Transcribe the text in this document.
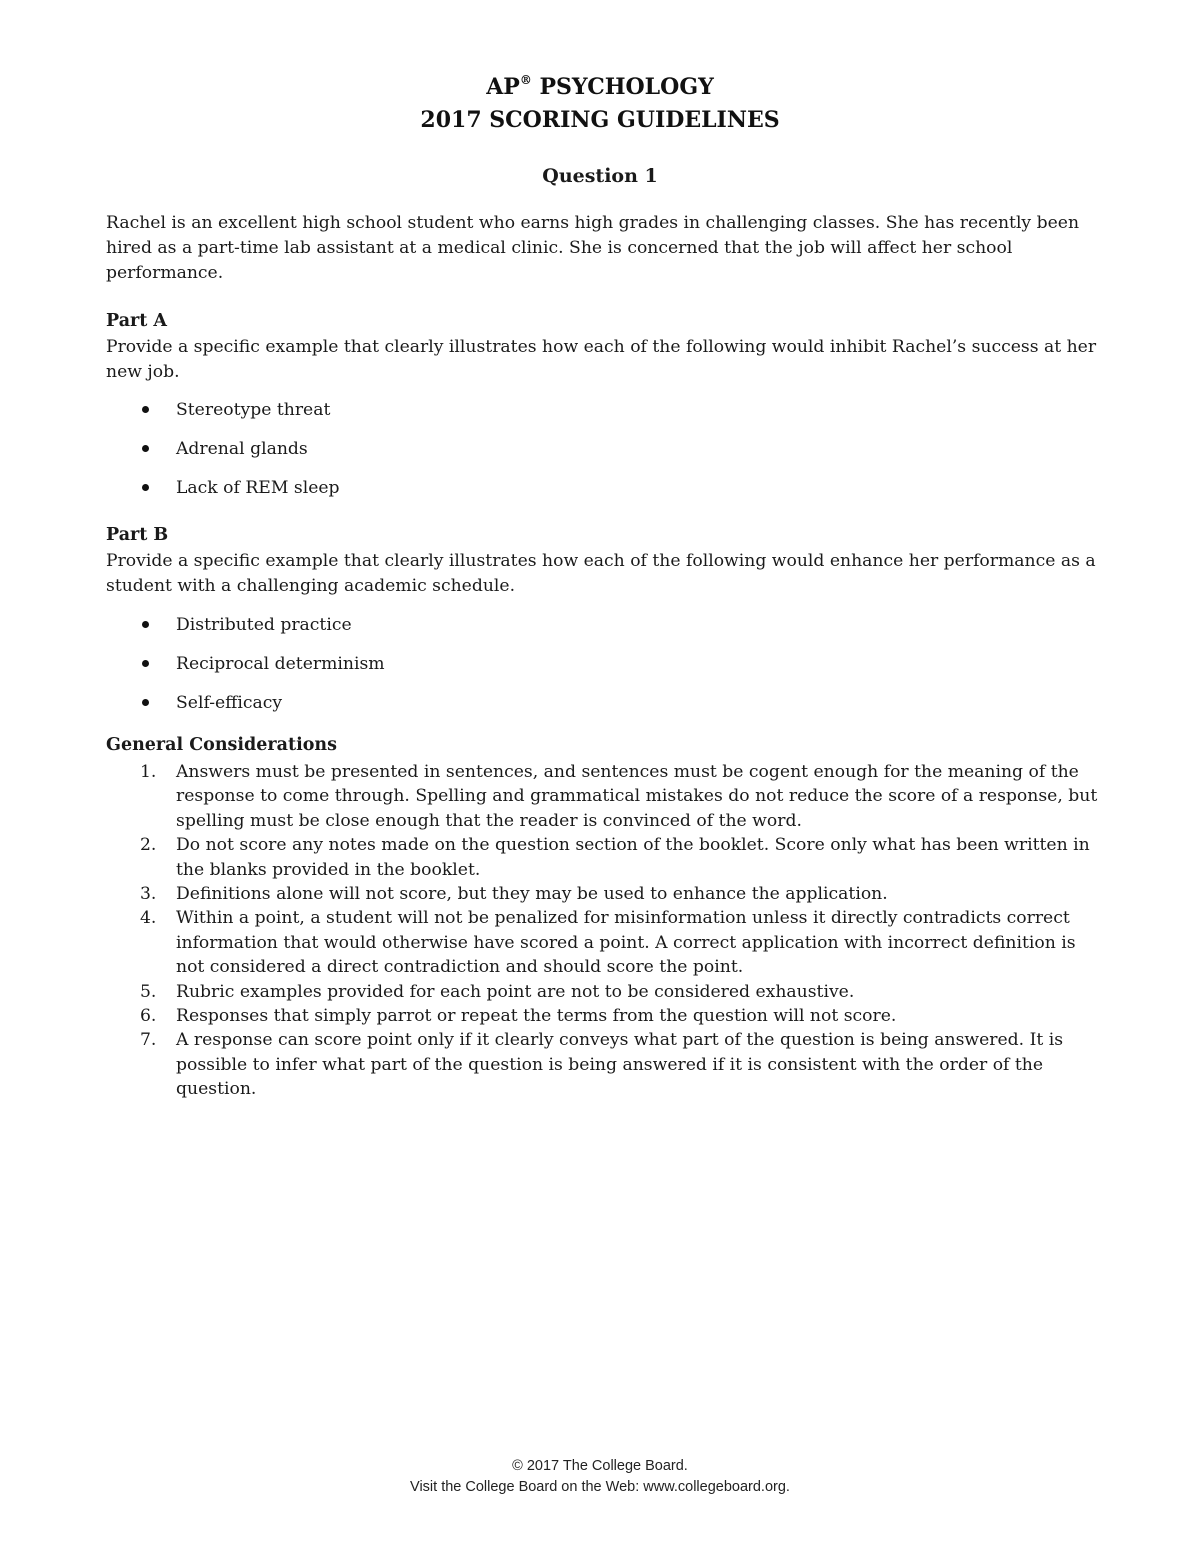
AP® PSYCHOLOGY
2017 SCORING GUIDELINES
Question 1
Rachel is an excellent high school student who earns high grades in challenging classes. She has recently been hired as a part-time lab assistant at a medical clinic. She is concerned that the job will affect her school performance.
Part A
Provide a specific example that clearly illustrates how each of the following would inhibit Rachel’s success at her new job.
Stereotype threat
Adrenal glands
Lack of REM sleep
Part B
Provide a specific example that clearly illustrates how each of the following would enhance her performance as a student with a challenging academic schedule.
Distributed practice
Reciprocal determinism
Self-efficacy
General Considerations
1. Answers must be presented in sentences, and sentences must be cogent enough for the meaning of the response to come through. Spelling and grammatical mistakes do not reduce the score of a response, but spelling must be close enough that the reader is convinced of the word.
2. Do not score any notes made on the question section of the booklet. Score only what has been written in the blanks provided in the booklet.
3. Definitions alone will not score, but they may be used to enhance the application.
4. Within a point, a student will not be penalized for misinformation unless it directly contradicts correct information that would otherwise have scored a point. A correct application with incorrect definition is not considered a direct contradiction and should score the point.
5. Rubric examples provided for each point are not to be considered exhaustive.
6. Responses that simply parrot or repeat the terms from the question will not score.
7. A response can score point only if it clearly conveys what part of the question is being answered. It is possible to infer what part of the question is being answered if it is consistent with the order of the question.
© 2017 The College Board.
Visit the College Board on the Web: www.collegeboard.org.
